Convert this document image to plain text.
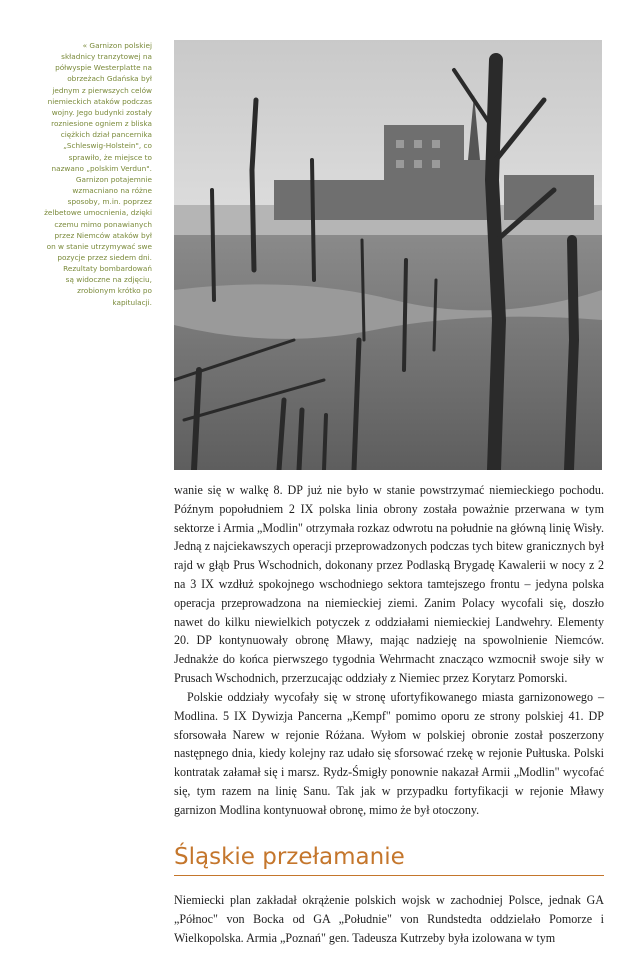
« Garnizon polskiej
składnicy tranzytowej na
półwyspie Westerplatte na
obrzeżach Gdańska był
jednym z pierwszych celów
niemieckich ataków podczas
wojny. Jego budynki zostały
rozniesione ogniem z bliska
ciężkich dział pancernika
„Schleswig-Holstein", co
sprawiło, że miejsce to
nazwano „polskim Verdun".
Garnizon potajemnie
wzmacniano na różne
sposoby, m.in. poprzez
żelbetowe umocnienia, dzięki
czemu mimo ponawianych
przez Niemców ataków był
on w stanie utrzymywać swe
pozycje przez siedem dni.
Rezultaty bombardowań
są widoczne na zdjęciu,
zrobionym krótko po
kapitulacji.

wanie się w walkę 8. DP już nie było w stanie powstrzymać niemieckiego pochodu. Późnym popołudniem 2 IX polska linia obrony została poważnie przerwana w tym sektorze i Armia „Modlin" otrzymała rozkaz odwrotu na południe na główną linię Wisły. Jedną z najciekawszych operacji przeprowadzonych podczas tych bitew granicznych był rajd w głąb Prus Wschodnich, dokonany przez Podlaską Brygadę Kawalerii w nocy z 2 na 3 IX wzdłuż spokojnego wschodniego sektora tamtejszego frontu – jedyna polska operacja przeprowadzona na niemieckiej ziemi. Zanim Polacy wycofali się, doszło nawet do kilku niewielkich potyczek z oddziałami niemieckiej Landwehry. Elementy 20. DP kontynuowały obronę Mławy, mając nadzieję na spowolnienie Niemców. Jednakże do końca pierwszego tygodnia Wehrmacht znacząco wzmocnił swoje siły w Prusach Wschodnich, przerzucając oddziały z Niemiec przez Korytarz Pomorski.

Polskie oddziały wycofały się w stronę ufortyfikowanego miasta garnizonowego – Modlina. 5 IX Dywizja Pancerna „Kempf" pomimo oporu ze strony polskiej 41. DP sforsowała Narew w rejonie Różana. Wyłom w polskiej obronie został poszerzony następnego dnia, kiedy kolejny raz udało się sforsować rzekę w rejonie Pułtuska. Polski kontratak załamał się i marsz. Rydz-Śmigły ponownie nakazał Armii „Modlin" wycofać się, tym razem na linię Sanu. Tak jak w przypadku fortyfikacji w rejonie Mławy garnizon Modlina kontynuował obronę, mimo że był otoczony.

Śląskie przełamanie

Niemiecki plan zakładał okrążenie polskich wojsk w zachodniej Polsce, jednak GA „Północ" von Bocka od GA „Południe" von Rundstedta oddzielało Pomorze i Wielkopolska. Armia „Poznań" gen. Tadeusza Kutrzeby była izolowana w tym
